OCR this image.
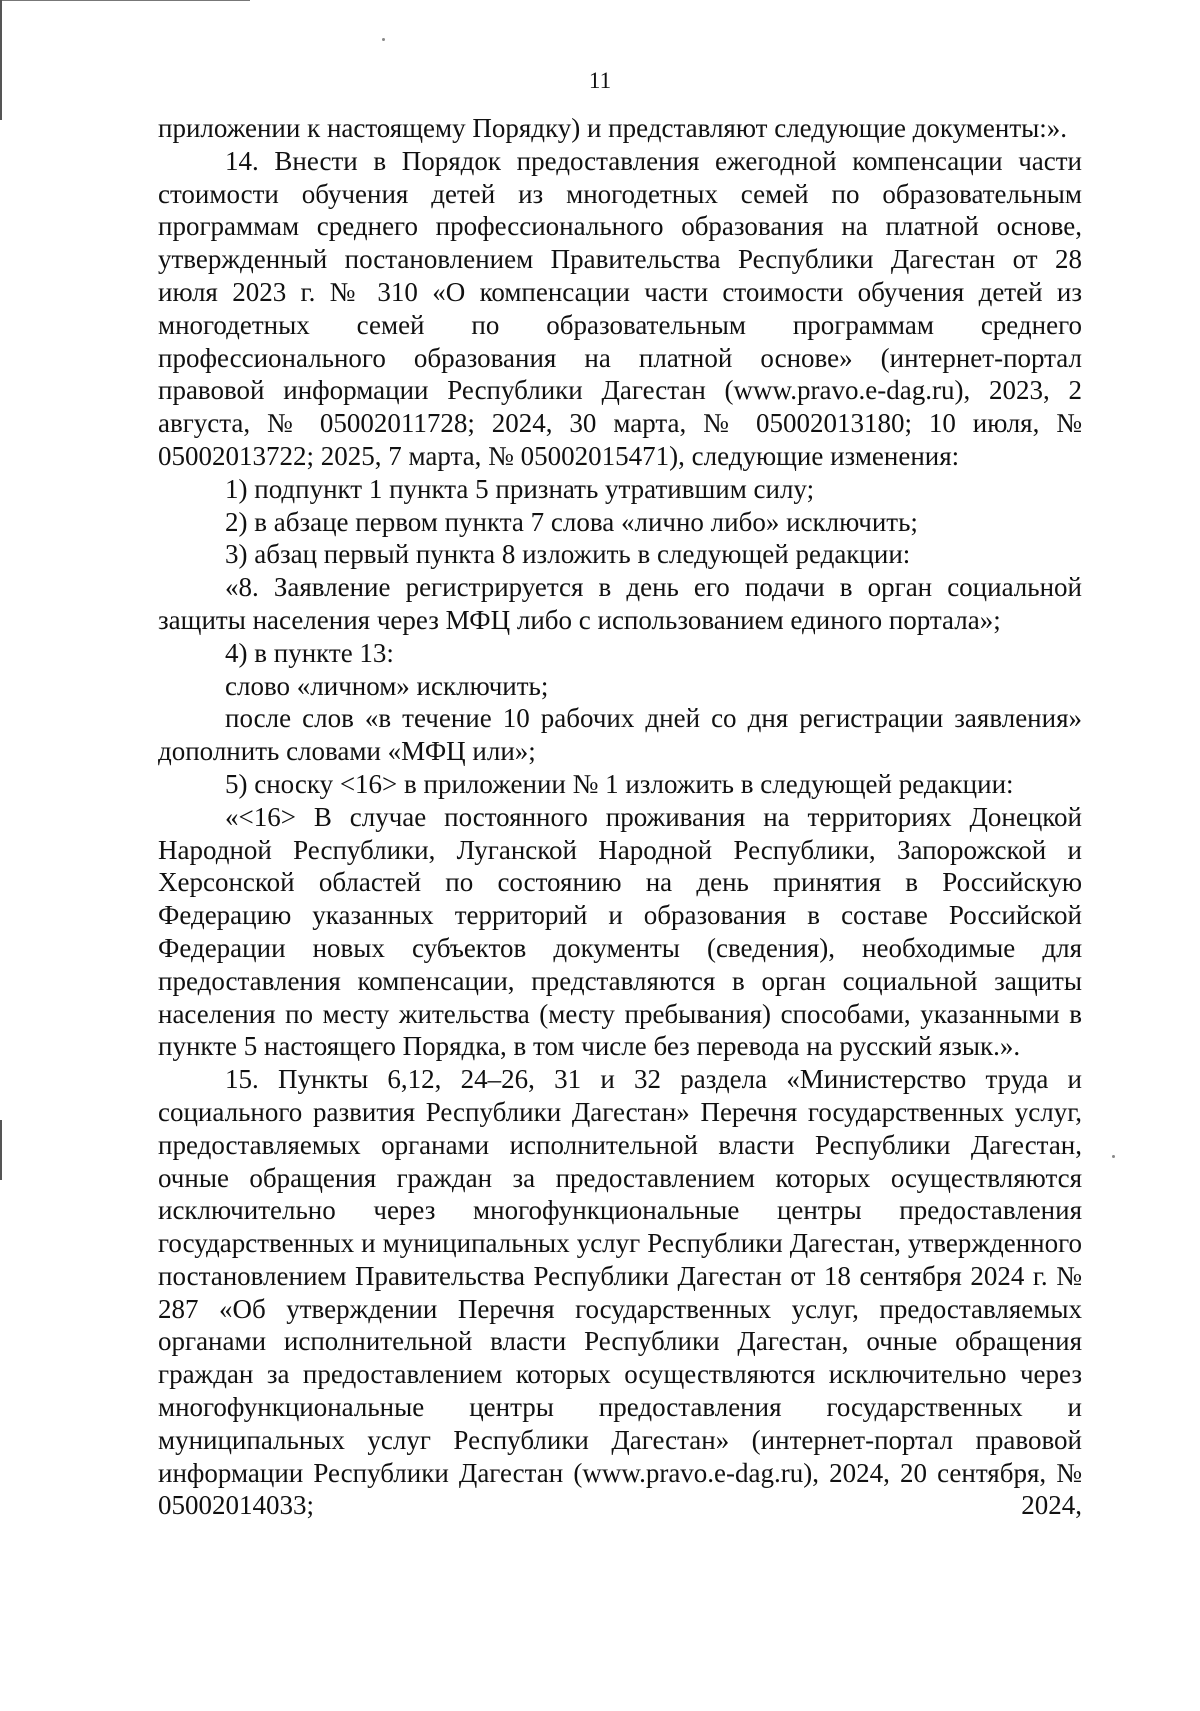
11

приложении к настоящему Порядку) и представляют следующие документы:».

14. Внести в Порядок предоставления ежегодной компенсации части стоимости обучения детей из многодетных семей по образовательным программам среднего профессионального образования на платной основе, утвержденный постановлением Правительства Республики Дагестан от 28 июля 2023 г. № 310 «О компенсации части стоимости обучения детей из многодетных семей по образовательным программам среднего профессионального образования на платной основе» (интернет-портал правовой информации Республики Дагестан (www.pravo.e-dag.ru), 2023, 2 августа, № 05002011728; 2024, 30 марта, № 05002013180; 10 июля, № 05002013722; 2025, 7 марта, № 05002015471), следующие изменения:

1) подпункт 1 пункта 5 признать утратившим силу;

2) в абзаце первом пункта 7 слова «лично либо» исключить;

3) абзац первый пункта 8 изложить в следующей редакции:

«8. Заявление регистрируется в день его подачи в орган социальной защиты населения через МФЦ либо с использованием единого портала»;

4) в пункте 13:

слово «личном» исключить;

после слов «в течение 10 рабочих дней со дня регистрации заявления» дополнить словами «МФЦ или»;

5) сноску <16> в приложении № 1 изложить в следующей редакции:

«<16> В случае постоянного проживания на территориях Донецкой Народной Республики, Луганской Народной Республики, Запорожской и Херсонской областей по состоянию на день принятия в Российскую Федерацию указанных территорий и образования в составе Российской Федерации новых субъектов документы (сведения), необходимые для предоставления компенсации, представляются в орган социальной защиты населения по месту жительства (месту пребывания) способами, указанными в пункте 5 настоящего Порядка, в том числе без перевода на русский язык.».

15. Пункты 6,12, 24–26, 31 и 32 раздела «Министерство труда и социального развития Республики Дагестан» Перечня государственных услуг, предоставляемых органами исполнительной власти Республики Дагестан, очные обращения граждан за предоставлением которых осуществляются исключительно через многофункциональные центры предоставления государственных и муниципальных услуг Республики Дагестан, утвержденного постановлением Правительства Республики Дагестан от 18 сентября 2024 г. № 287 «Об утверждении Перечня государственных услуг, предоставляемых органами исполнительной власти Республики Дагестан, очные обращения граждан за предоставлением которых осуществляются исключительно через многофункциональные центры предоставления государственных и муниципальных услуг Республики Дагестан» (интернет-портал правовой информации Республики Дагестан (www.pravo.e-dag.ru), 2024, 20 сентября, № 05002014033; 2024,
